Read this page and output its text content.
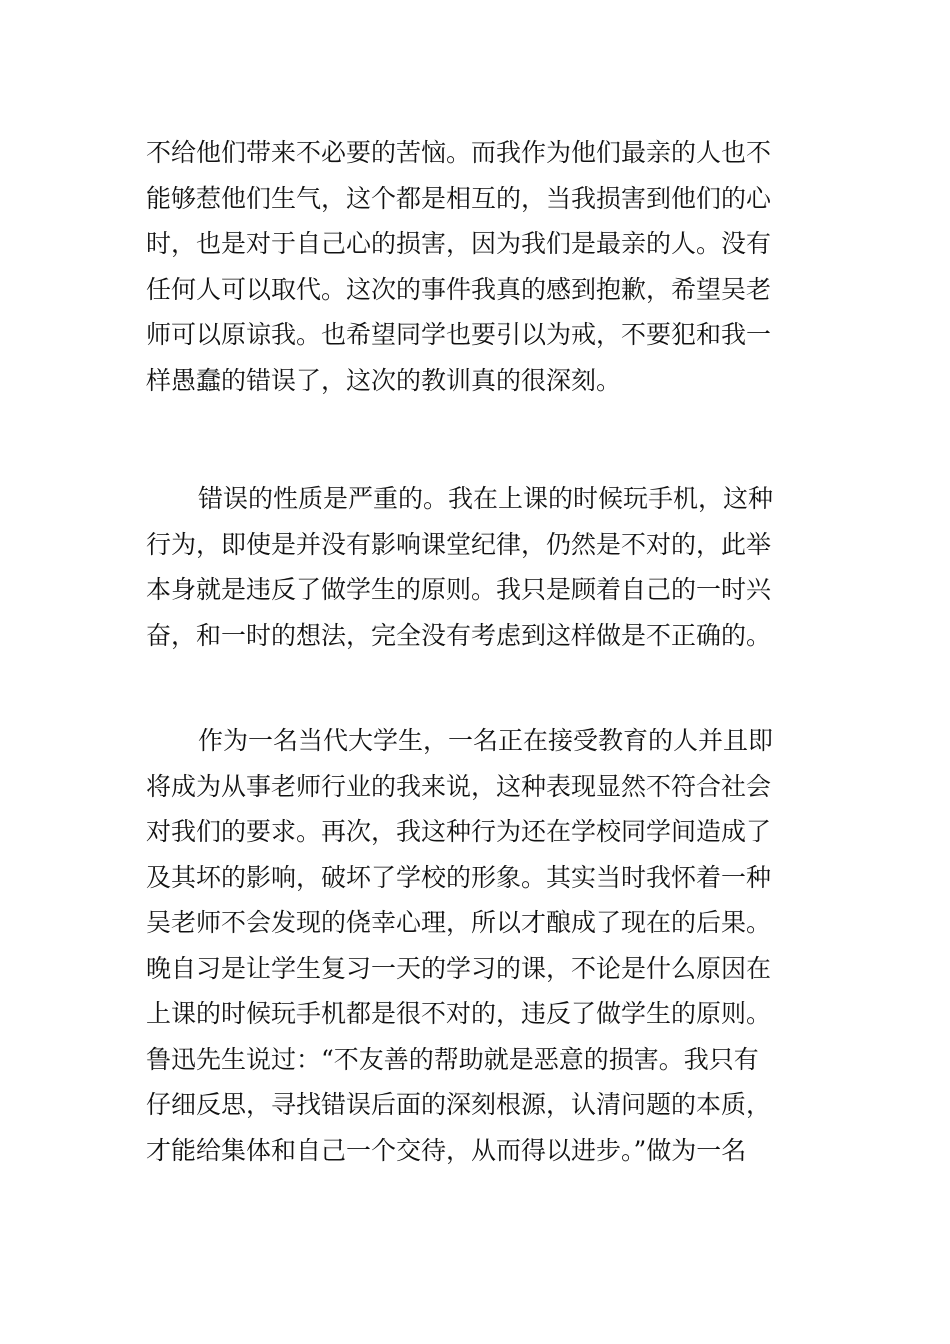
不给他们带来不必要的苦恼。而我作为他们最亲的人也不
能够惹他们生气，这个都是相互的，当我损害到他们的心
时，也是对于自己心的损害，因为我们是最亲的人。没有
任何人可以取代。这次的事件我真的感到抱歉，希望吴老
师可以原谅我。也希望同学也要引以为戒，不要犯和我一
样愚蠢的错误了，这次的教训真的很深刻。
错误的性质是严重的。我在上课的时候玩手机，这种
行为，即使是并没有影响课堂纪律，仍然是不对的，此举
本身就是违反了做学生的原则。我只是顾着自己的一时兴
奋，和一时的想法，完全没有考虑到这样做是不正确的。
作为一名当代大学生，一名正在接受教育的人并且即
将成为从事老师行业的我来说，这种表现显然不符合社会
对我们的要求。再次，我这种行为还在学校同学间造成了
及其坏的影响，破坏了学校的形象。其实当时我怀着一种
吴老师不会发现的侥幸心理，所以才酿成了现在的后果。
晚自习是让学生复习一天的学习的课，不论是什么原因在
上课的时候玩手机都是很不对的，违反了做学生的原则。
鲁迅先生说过：“不友善的帮助就是恶意的损害。我只有
仔细反思，寻找错误后面的深刻根源，认清问题的本质，
才能给集体和自己一个交待，从而得以进步。”做为一名
